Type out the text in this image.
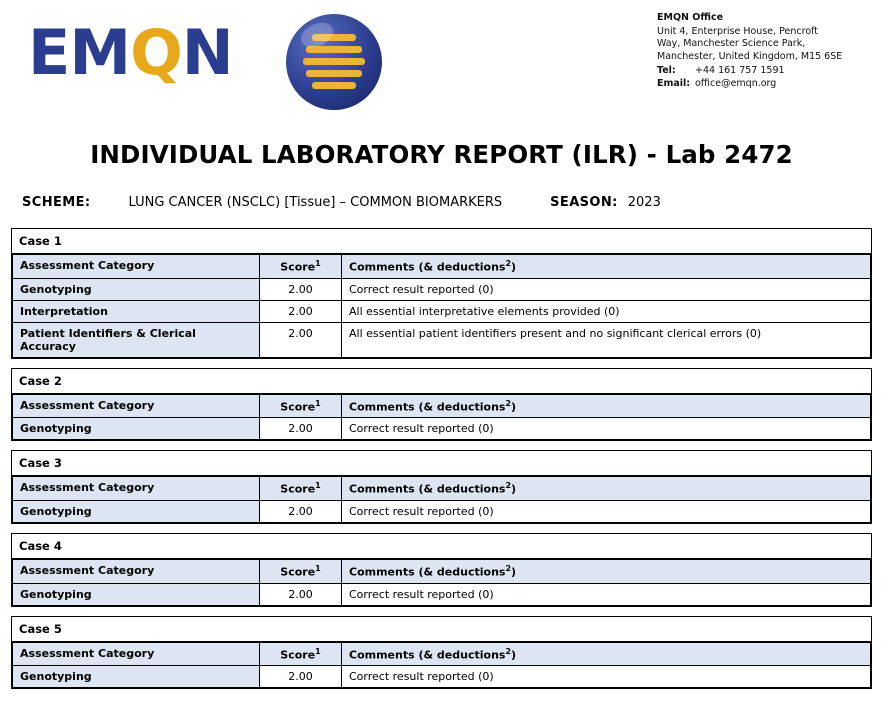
EMQN	EMQN Office
Unit 4, Enterprise House, Pencroft Way, Manchester Science Park, Manchester, United Kingdom, M15 6SE
Tel:	+44 161 757 1591
Email: office@emqn.org
INDIVIDUAL LABORATORY REPORT (ILR) - Lab 2472
SCHEME:	LUNG CANCER (NSCLC) [Tissue] – COMMON BIOMARKERS	SEASON: 2023
Case 1
Assessment Category	Score$^1$	Comments (& deductions$^2$)
Genotyping	2.00	Correct result reported (0)
Interpretation	2.00	All essential interpretative elements provided (0)
Patient Identifiers & Clerical Accuracy	2.00	All essential patient identifiers present and no significant clerical errors (0)
Case 2
Assessment Category	Score$^1$	Comments (& deductions$^2$)
Genotyping	2.00	Correct result reported (0)
Case 3
Assessment Category	Score$^1$	Comments (& deductions$^2$)
Genotyping	2.00	Correct result reported (0)
Case 4
Assessment Category	Score$^1$	Comments (& deductions$^2$)
Genotyping	2.00	Correct result reported (0)
Case 5
Assessment Category	Score$^1$	Comments (& deductions$^2$)
Genotyping	2.00	Correct result reported (0)
